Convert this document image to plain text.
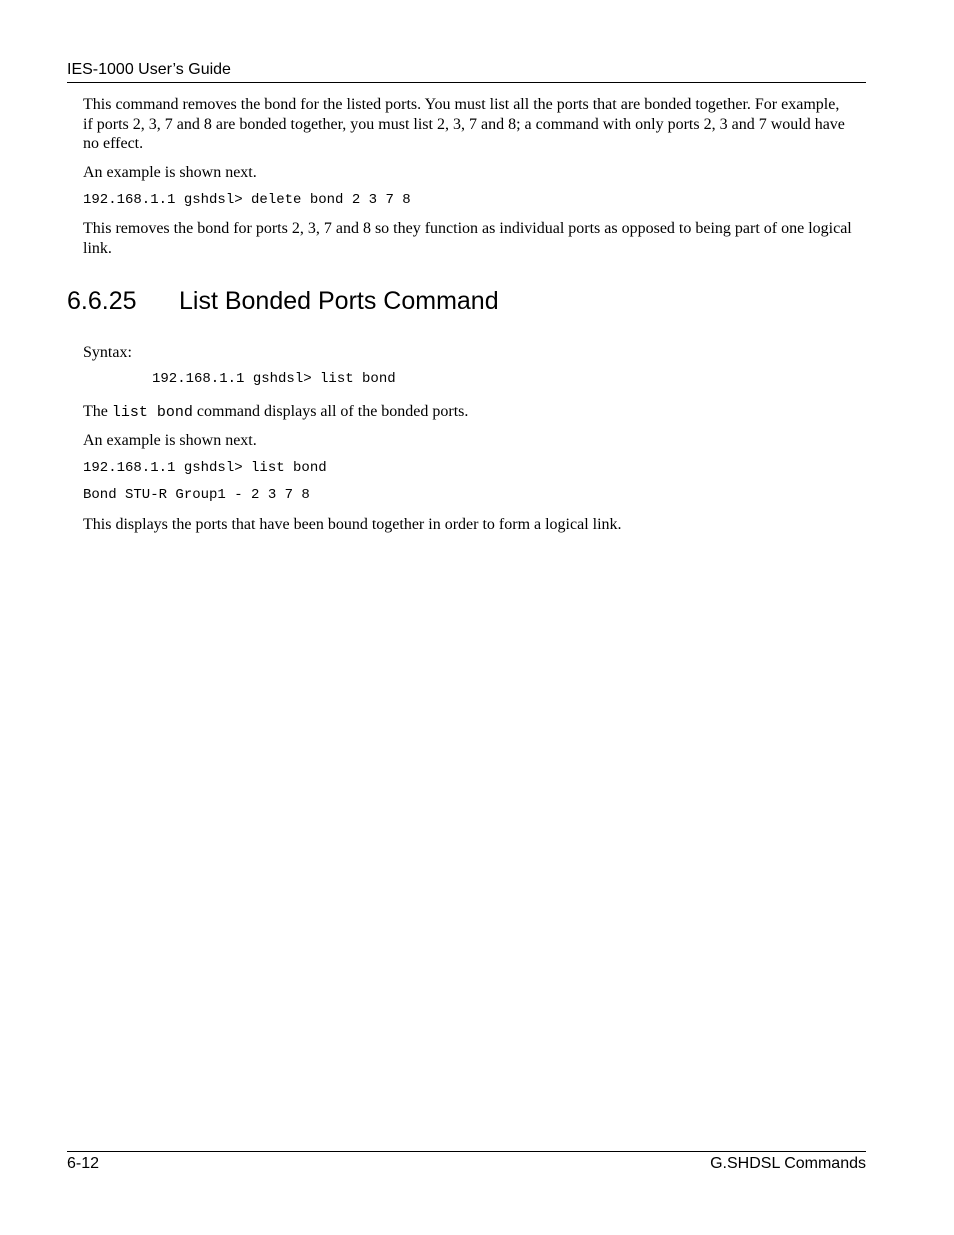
IES-1000 User’s Guide

This command removes the bond for the listed ports. You must list all the ports that are bonded together. For example, if ports 2, 3, 7 and 8 are bonded together, you must list 2, 3, 7 and 8; a command with only ports 2, 3 and 7 would have no effect.

An example is shown next.

192.168.1.1 gshdsl> delete bond 2 3 7 8

This removes the bond for ports 2, 3, 7 and 8 so they function as individual ports as opposed to being part of one logical link.

6.6.25 List Bonded Ports Command

Syntax:

192.168.1.1 gshdsl> list bond

The list bond command displays all of the bonded ports.

An example is shown next.

192.168.1.1 gshdsl> list bond
Bond STU-R Group1 - 2 3 7 8

This displays the ports that have been bound together in order to form a logical link.

6-12	G.SHDSL Commands
